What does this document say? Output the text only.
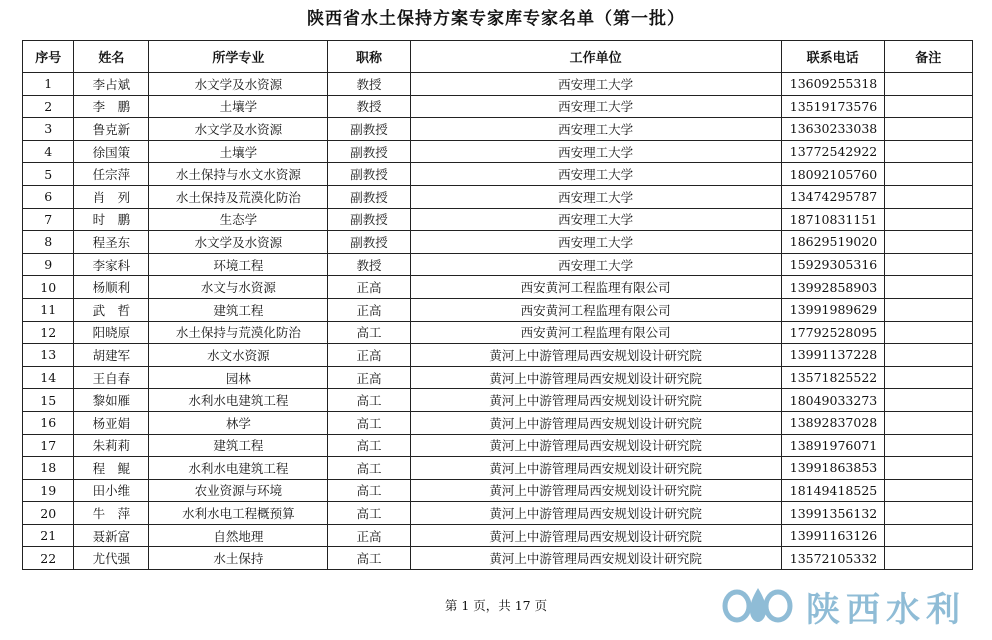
陕西省水土保持方案专家库专家名单（第一批）
序号	姓名	所学专业	职称	工作单位	联系电话	备注
1	李占斌	水文学及水资源	教授	西安理工大学	13609255318	
2	李　鹏	土壤学	教授	西安理工大学	13519173576	
3	鲁克新	水文学及水资源	副教授	西安理工大学	13630233038	
4	徐国策	土壤学	副教授	西安理工大学	13772542922	
5	任宗萍	水土保持与水文水资源	副教授	西安理工大学	18092105760	
6	肖　列	水土保持及荒漠化防治	副教授	西安理工大学	13474295787	
7	时　鹏	生态学	副教授	西安理工大学	18710831151	
8	程圣东	水文学及水资源	副教授	西安理工大学	18629519020	
9	李家科	环境工程	教授	西安理工大学	15929305316	
10	杨顺利	水文与水资源	正高	西安黄河工程监理有限公司	13992858903	
11	武　哲	建筑工程	正高	西安黄河工程监理有限公司	13991989629	
12	阳晓原	水土保持与荒漠化防治	高工	西安黄河工程监理有限公司	17792528095	
13	胡建军	水文水资源	正高	黄河上中游管理局西安规划设计研究院	13991137228	
14	王自春	园林	正高	黄河上中游管理局西安规划设计研究院	13571825522	
15	黎如雁	水利水电建筑工程	高工	黄河上中游管理局西安规划设计研究院	18049033273	
16	杨亚娟	林学	高工	黄河上中游管理局西安规划设计研究院	13892837028	
17	朱莉莉	建筑工程	高工	黄河上中游管理局西安规划设计研究院	13891976071	
18	程　鲲	水利水电建筑工程	高工	黄河上中游管理局西安规划设计研究院	13991863853	
19	田小维	农业资源与环境	高工	黄河上中游管理局西安规划设计研究院	18149418525	
20	牛　萍	水利水电工程概预算	高工	黄河上中游管理局西安规划设计研究院	13991356132	
21	聂新富	自然地理	正高	黄河上中游管理局西安规划设计研究院	13991163126	
22	尤代强	水土保持	高工	黄河上中游管理局西安规划设计研究院	13572105332	
第 1 页，共 17 页	陕西水利
